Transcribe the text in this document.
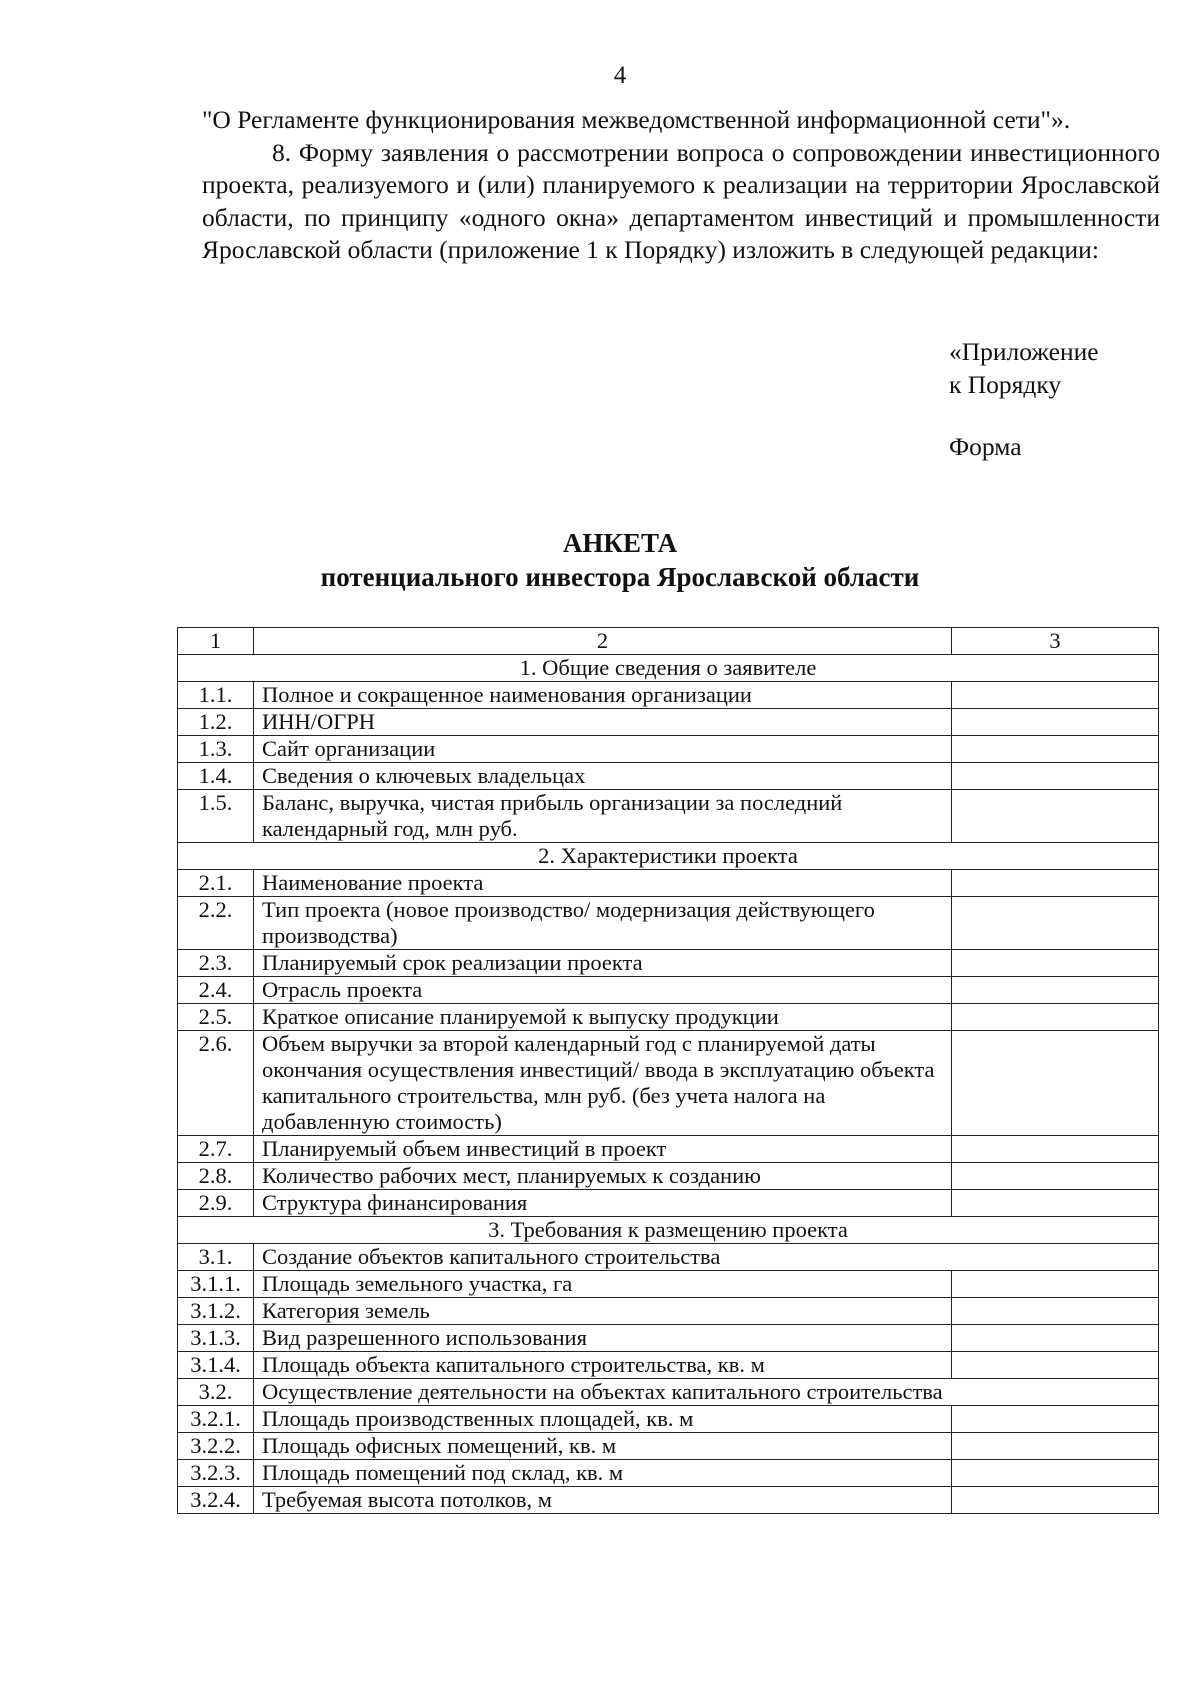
4

"О Регламенте функционирования межведомственной информационной сети"».

8. Форму заявления о рассмотрении вопроса о сопровождении инвестиционного проекта, реализуемого и (или) планируемого к реализации на территории Ярославской области, по принципу «одного окна» департаментом инвестиций и промышленности Ярославской области (приложение 1 к Порядку) изложить в следующей редакции:

«Приложение
к Порядку
Форма
АНКЕТА
потенциального инвестора Ярославской области
1	2	3
1. Общие сведения о заявителе		
1.1.	Полное и сокращенное наименования организации	
1.2.	ИНН/ОГРН	
1.3.	Сайт организации	
1.4.	Сведения о ключевых владельцах	
1.5.	Баланс, выручка, чистая прибыль организации за последний календарный год, млн руб.	
2. Характеристики проекта		
2.1.	Наименование проекта	
2.2.	Тип проекта (новое производство/ модернизация действующего производства)	
2.3.	Планируемый срок реализации проекта	
2.4.	Отрасль проекта	
2.5.	Краткое описание планируемой к выпуску продукции	
2.6.	Объем выручки за второй календарный год с планируемой даты окончания осуществления инвестиций/ ввода в эксплуатацию объекта капитального строительства, млн руб. (без учета налога на добавленную стоимость)	
2.7.	Планируемый объем инвестиций в проект	
2.8.	Количество рабочих мест, планируемых к созданию	
2.9.	Структура финансирования	
3. Требования к размещению проекта		
3.1.	Создание объектов капитального строительства	
3.1.1.	Площадь земельного участка, га	
3.1.2.	Категория земель	
3.1.3.	Вид разрешенного использования	
3.1.4.	Площадь объекта капитального строительства, кв. м	
3.2.	Осуществление деятельности на объектах капитального строительства	
3.2.1.	Площадь производственных площадей, кв. м	
3.2.2.	Площадь офисных помещений, кв. м	
3.2.3.	Площадь помещений под склад, кв. м	
3.2.4.	Требуемая высота потолков, м	
